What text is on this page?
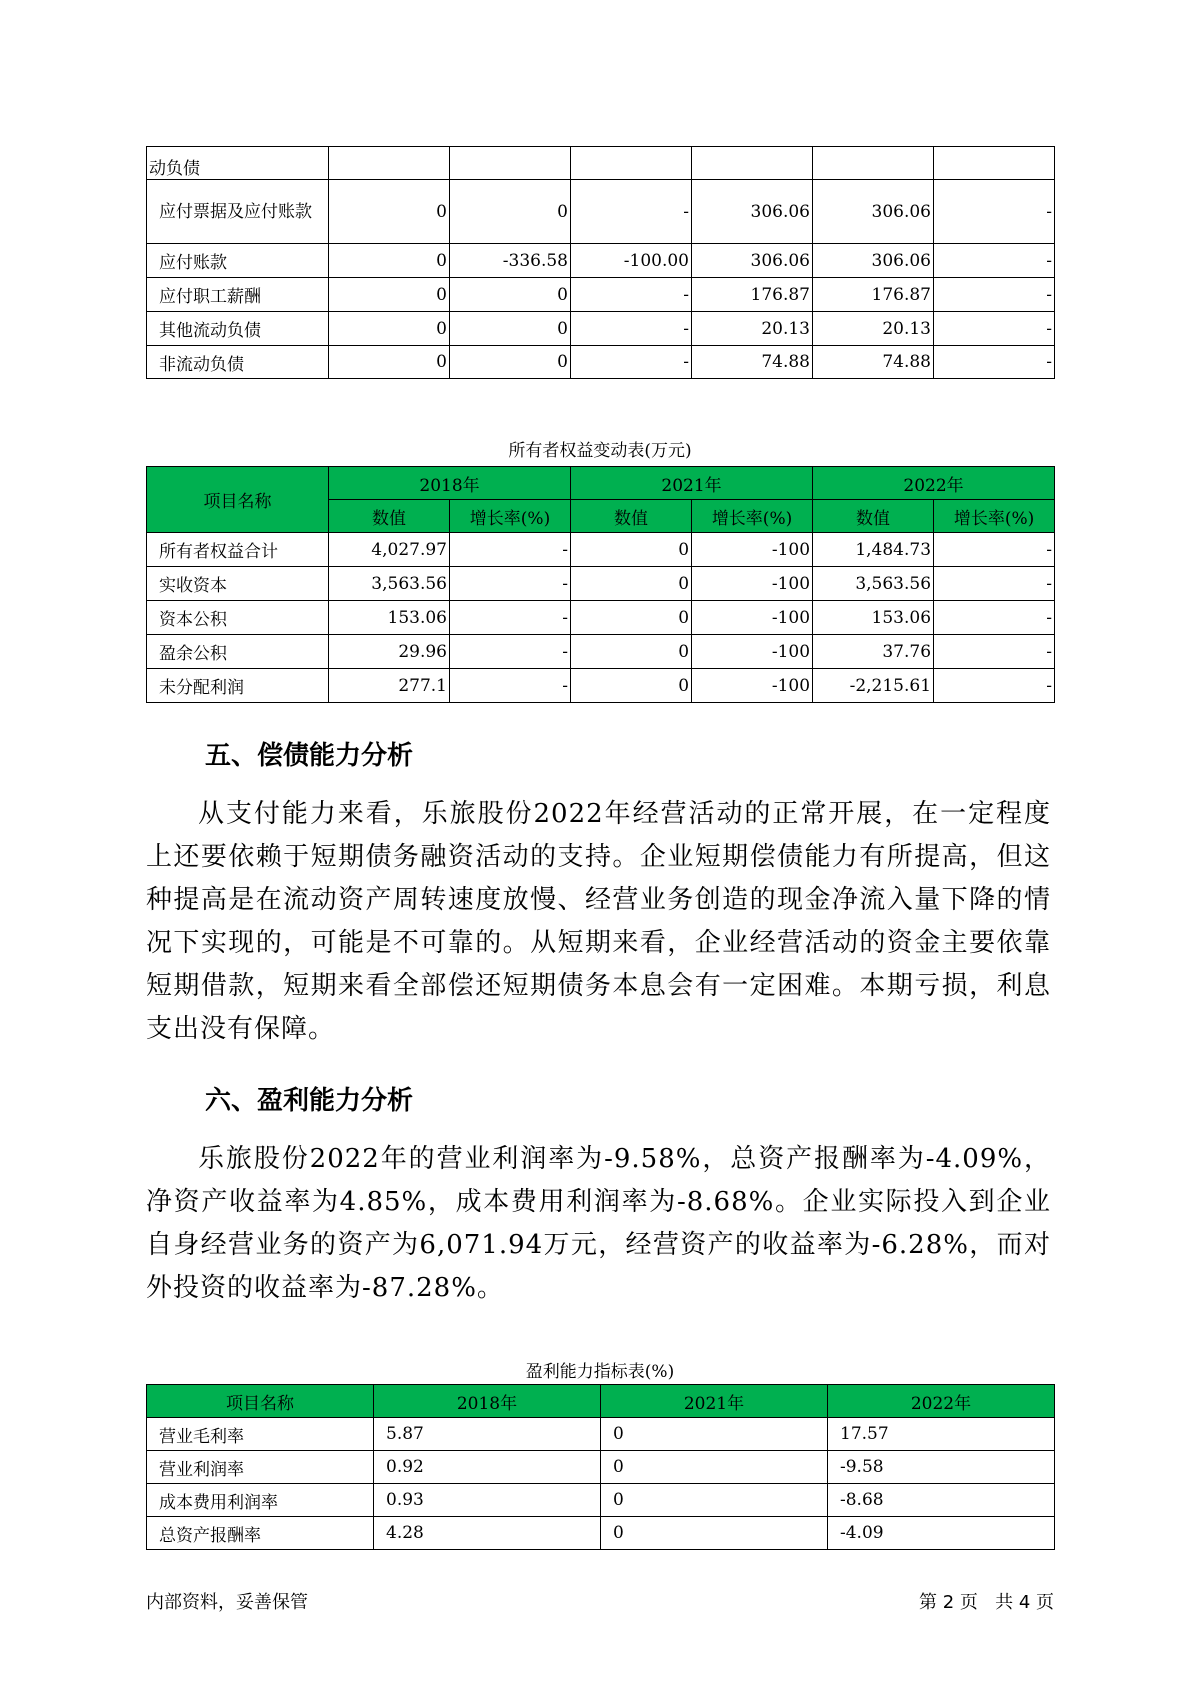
动负债						
应付票据及应付账款	0	0	-	306.06	306.06	-
应付账款	0	-336.58	-100.00	306.06	306.06	-
应付职工薪酬	0	0	-	176.87	176.87	-
其他流动负债	0	0	-	20.13	20.13	-
非流动负债	0	0	-	74.88	74.88	-
所有者权益变动表(万元)
项目名称	2018年		2021年		2022年	
	数值	增长率(%)	数值	增长率(%)	数值	增长率(%)
所有者权益合计	4,027.97	-	0	-100	1,484.73	-
实收资本	3,563.56	-	0	-100	3,563.56	-
资本公积	153.06	-	0	-100	153.06	-
盈余公积	29.96	-	0	-100	37.76	-
未分配利润	277.1	-	0	-100	-2,215.61	-
五、偿债能力分析

从支付能力来看，乐旅股份2022年经营活动的正常开展，在一定程度上还要依赖于短期债务融资活动的支持。企业短期偿债能力有所提高，但这种提高是在流动资产周转速度放慢、经营业务创造的现金净流入量下降的情况下实现的，可能是不可靠的。从短期来看，企业经营活动的资金主要依靠短期借款，短期来看全部偿还短期债务本息会有一定困难。本期亏损，利息支出没有保障。

六、盈利能力分析

乐旅股份2022年的营业利润率为-9.58%，总资产报酬率为-4.09%，净资产收益率为4.85%，成本费用利润率为-8.68%。企业实际投入到企业自身经营业务的资产为6,071.94万元，经营资产的收益率为-6.28%，而对外投资的收益率为-87.28%。

盈利能力指标表(%)
项目名称	2018年	2021年	2022年
营业毛利率	5.87	0	17.57
营业利润率	0.92	0	-9.58
成本费用利润率	0.93	0	-8.68
总资产报酬率	4.28	0	-4.09
内部资料，妥善保管	第 2 页   共 4 页
